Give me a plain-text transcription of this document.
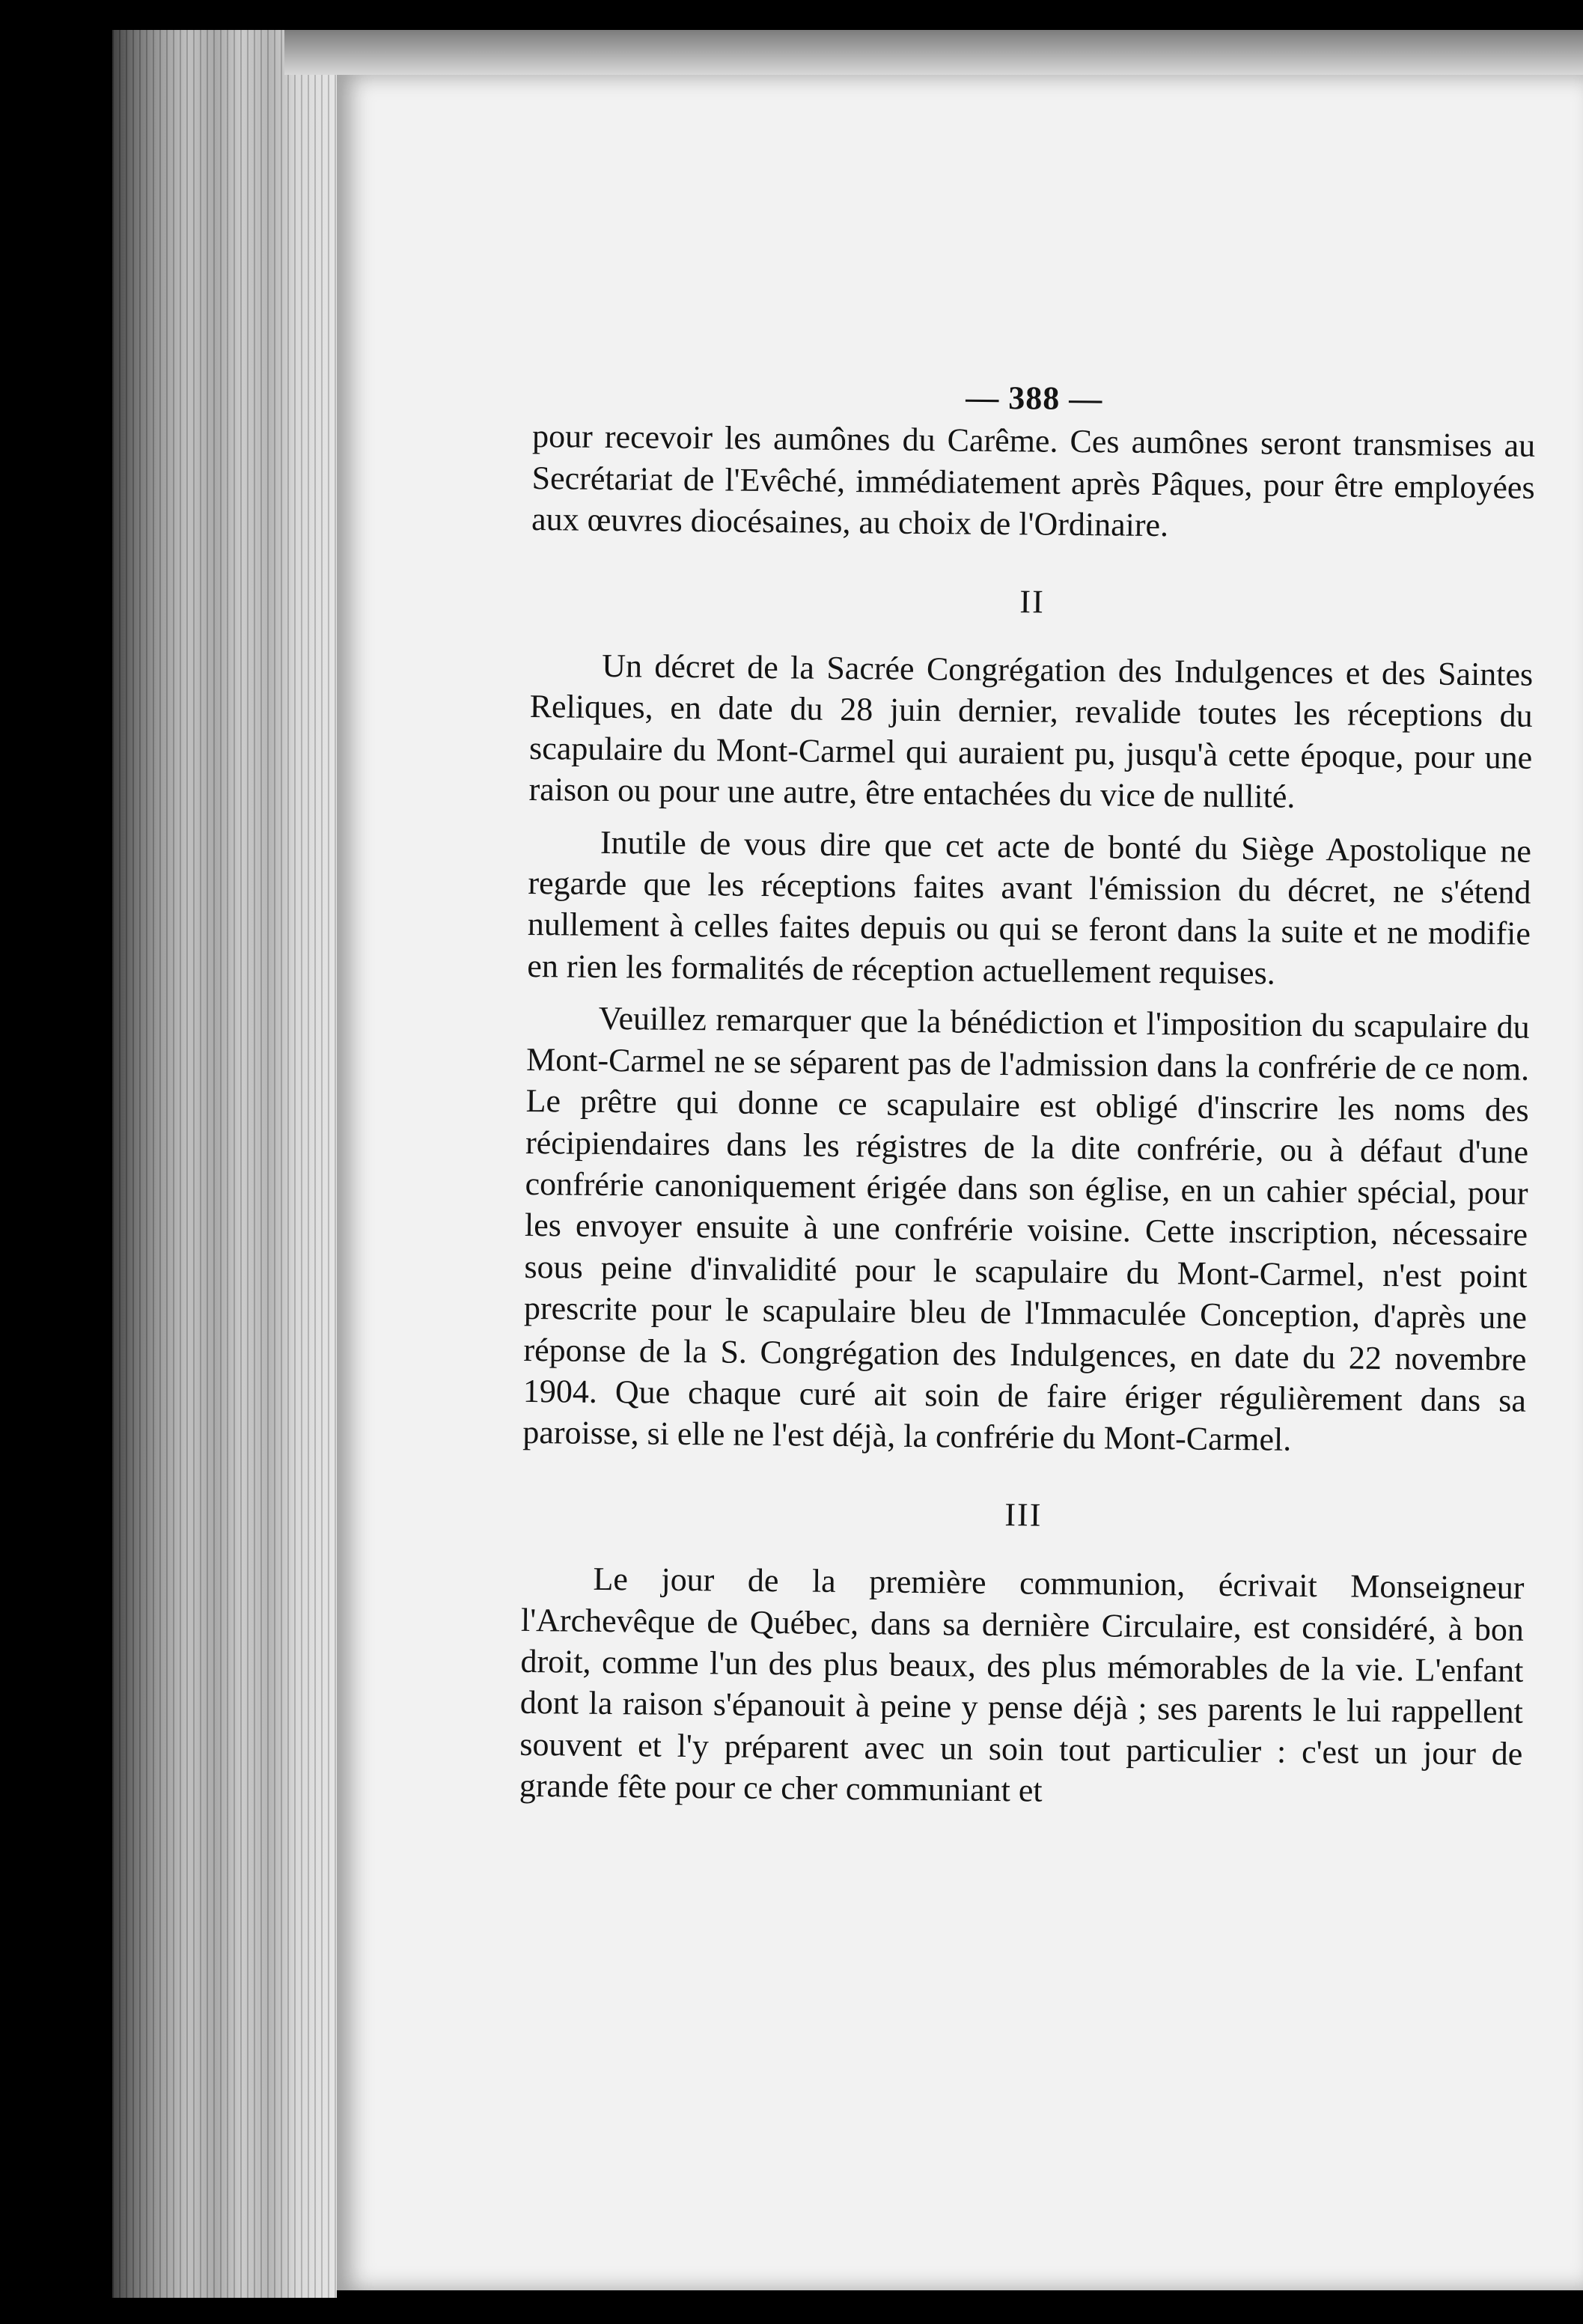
— 388 —

pour recevoir les aumônes du Carême. Ces aumônes seront transmises au Secrétariat de l'Evêché, immédiatement après Pâques, pour être employées aux œuvres diocésaines, au choix de l'Ordinaire.

II

Un décret de la Sacrée Congrégation des Indulgences et des Saintes Reliques, en date du 28 juin dernier, revalide toutes les réceptions du scapulaire du Mont-Carmel qui auraient pu, jusqu'à cette époque, pour une raison ou pour une autre, être entachées du vice de nullité.

Inutile de vous dire que cet acte de bonté du Siège Apostolique ne regarde que les réceptions faites avant l'émission du décret, ne s'étend nullement à celles faites depuis ou qui se feront dans la suite et ne modifie en rien les formalités de réception actuellement requises.

Veuillez remarquer que la bénédiction et l'imposition du scapulaire du Mont-Carmel ne se séparent pas de l'admission dans la confrérie de ce nom. Le prêtre qui donne ce scapulaire est obligé d'inscrire les noms des récipiendaires dans les régistres de la dite confrérie, ou à défaut d'une confrérie canoniquement érigée dans son église, en un cahier spécial, pour les envoyer ensuite à une confrérie voisine. Cette inscription, nécessaire sous peine d'invalidité pour le scapulaire du Mont-Carmel, n'est point prescrite pour le scapulaire bleu de l'Immaculée Conception, d'après une réponse de la S. Congrégation des Indulgences, en date du 22 novembre 1904. Que chaque curé ait soin de faire ériger régulièrement dans sa paroisse, si elle ne l'est déjà, la confrérie du Mont-Carmel.

III

Le jour de la première communion, écrivait Monseigneur l'Archevêque de Québec, dans sa dernière Circulaire, est considéré, à bon droit, comme l'un des plus beaux, des plus mémorables de la vie. L'enfant dont la raison s'épanouit à peine y pense déjà ; ses parents le lui rappellent souvent et l'y préparent avec un soin tout particulier : c'est un jour de grande fête pour ce cher communiant et
